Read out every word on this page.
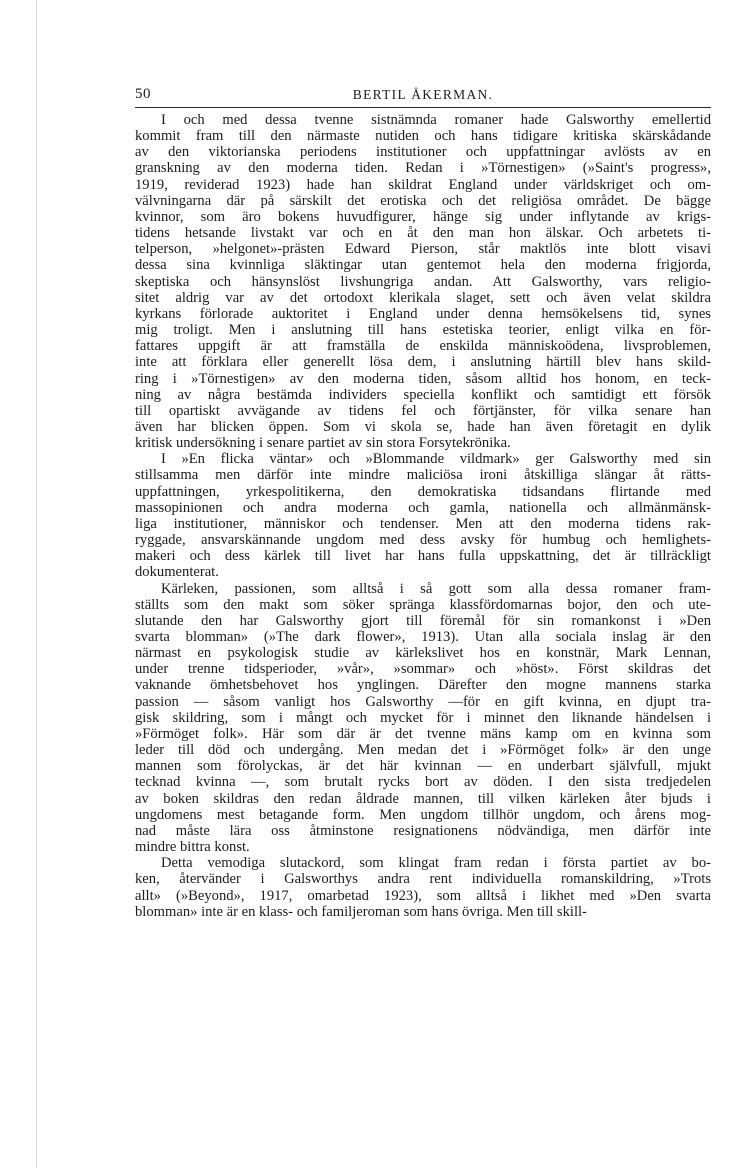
50	BERTIL ÅKERMAN.
I och med dessa tvenne sistnämnda romaner hade Galsworthy emellertid
kommit fram till den närmaste nutiden och hans tidigare kritiska skärskådande
av den viktorianska periodens institutioner och uppfattningar avlösts av en
granskning av den moderna tiden. Redan i »Törnestigen» (»Saint's progress»,
1919, reviderad 1923) hade han skildrat England under världskriget och om-
välvningarna där på särskilt det erotiska och det religiösa området. De bägge
kvinnor, som äro bokens huvudfigurer, hänge sig under inflytande av krigs-
tidens hetsande livstakt var och en åt den man hon älskar. Och arbetets ti-
telperson, »helgonet»-prästen Edward Pierson, står maktlös inte blott visavi
dessa sina kvinnliga släktingar utan gentemot hela den moderna frigjorda,
skeptiska och hänsynslöst livshungriga andan. Att Galsworthy, vars religio-
sitet aldrig var av det ortodoxt klerikala slaget, sett och även velat skildra
kyrkans förlorade auktoritet i England under denna hemsökelsens tid, synes
mig troligt. Men i anslutning till hans estetiska teorier, enligt vilka en för-
fattares uppgift är att framställa de enskilda människoödena, livsproblemen,
inte att förklara eller generellt lösa dem, i anslutning härtill blev hans skild-
ring i »Törnestigen» av den moderna tiden, såsom alltid hos honom, en teck-
ning av några bestämda individers speciella konflikt och samtidigt ett försök
till opartiskt avvägande av tidens fel och förtjänster, för vilka senare han
även har blicken öppen. Som vi skola se, hade han även företagit en dylik
kritisk undersökning i senare partiet av sin stora Forsytekrönika.
I »En flicka väntar» och »Blommande vildmark» ger Galsworthy med sin
stillsamma men därför inte mindre maliciösa ironi åtskilliga slängar åt rätts-
uppfattningen, yrkespolitikerna, den demokratiska tidsandans flirtande med
massopinionen och andra moderna och gamla, nationella och allmänmänsk-
liga institutioner, människor och tendenser. Men att den moderna tidens rak-
ryggade, ansvarskännande ungdom med dess avsky för humbug och hemlighets-
makeri och dess kärlek till livet har hans fulla uppskattning, det är tillräckligt
dokumenterat.
Kärleken, passionen, som alltså i så gott som alla dessa romaner fram-
ställts som den makt som söker spränga klassfördomarnas bojor, den och ute-
slutande den har Galsworthy gjort till föremål för sin romankonst i »Den
svarta blomman» (»The dark flower», 1913). Utan alla sociala inslag är den
närmast en psykologisk studie av kärlekslivet hos en konstnär, Mark Lennan,
under trenne tidsperioder, »vår», »sommar» och »höst». Först skildras det
vaknande ömhetsbehovet hos ynglingen. Därefter den mogne mannens starka
passion — såsom vanligt hos Galsworthy —för en gift kvinna, en djupt tra-
gisk skildring, som i mångt och mycket för i minnet den liknande händelsen i
»Förmöget folk». Här som där är det tvenne mäns kamp om en kvinna som
leder till död och undergång. Men medan det i »Förmöget folk» är den unge
mannen som förolyckas, är det här kvinnan — en underbart självfull, mjukt
tecknad kvinna —, som brutalt rycks bort av döden. I den sista tredjedelen
av boken skildras den redan åldrade mannen, till vilken kärleken åter bjuds i
ungdomens mest betagande form. Men ungdom tillhör ungdom, och årens mog-
nad måste lära oss åtminstone resignationens nödvändiga, men därför inte
mindre bittra konst.
Detta vemodiga slutackord, som klingat fram redan i första partiet av bo-
ken, återvänder i Galsworthys andra rent individuella romanskildring, »Trots
allt» (»Beyond», 1917, omarbetad 1923), som alltså i likhet med »Den svarta
blomman» inte är en klass- och familjeroman som hans övriga. Men till skill-
